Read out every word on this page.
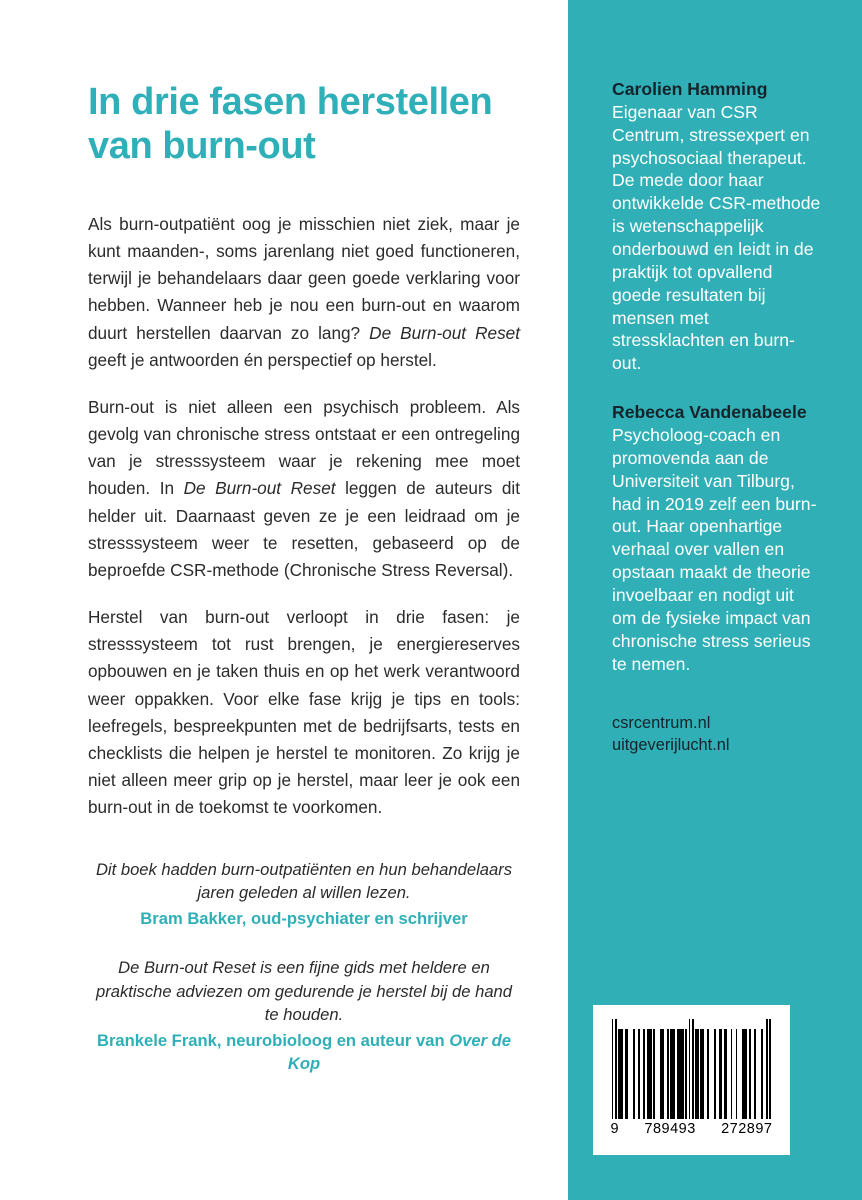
In drie fasen herstellen
van burn-out

Als burn-outpatiënt oog je misschien niet ziek, maar je kunt maanden-, soms jarenlang niet goed functioneren, terwijl je behandelaars daar geen goede verklaring voor hebben. Wanneer heb je nou een burn-out en waarom duurt herstellen daarvan zo lang? De Burn-out Reset geeft je antwoorden én perspectief op herstel.

Burn-out is niet alleen een psychisch probleem. Als gevolg van chronische stress ontstaat er een ontregeling van je stresssysteem waar je rekening mee moet houden. In De Burn-out Reset leggen de auteurs dit helder uit. Daarnaast geven ze je een leidraad om je stresssysteem weer te resetten, gebaseerd op de beproefde CSR-methode (Chronische Stress Reversal).

Herstel van burn-out verloopt in drie fasen: je stresssysteem tot rust brengen, je energiereserves opbouwen en je taken thuis en op het werk verantwoord weer oppakken. Voor elke fase krijg je tips en tools: leefregels, bespreekpunten met de bedrijfsarts, tests en checklists die helpen je herstel te monitoren. Zo krijg je niet alleen meer grip op je herstel, maar leer je ook een burn-out in de toekomst te voorkomen.

Dit boek hadden burn-outpatiënten en hun behandelaars jaren geleden al willen lezen.
Bram Bakker, oud-psychiater en schrijver
De Burn-out Reset is een fijne gids met heldere en praktische adviezen om gedurende je herstel bij de hand te houden.
Brankele Frank, neurobioloog en auteur van Over de Kop
Carolien Hamming Eigenaar van CSR Centrum, stressexpert en psychosociaal therapeut. De mede door haar ontwikkelde CSR-methode is wetenschappelijk onderbouwd en leidt in de praktijk tot opvallend goede resultaten bij mensen met stressklachten en burn-out.
Rebecca Vandenabeele Psycholoog-coach en promovenda aan de Universiteit van Tilburg, had in 2019 zelf een burn-out. Haar openhartige verhaal over vallen en opstaan maakt de theorie invoelbaar en nodigt uit om de fysieke impact van chronische stress serieus te nemen.
csrcentrum.nl
uitgeverijlucht.nl
9 789493 272897
